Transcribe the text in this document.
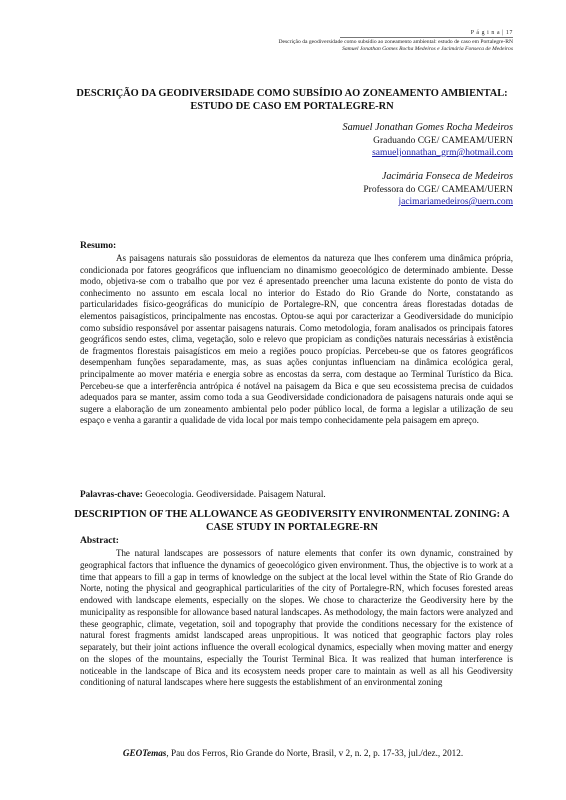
P á g i n a | 17
Descrição da geodiversidade como subsídio ao zoneamento ambiental: estudo de caso em Portalegre-RN
Samuel Jonathan Gomes Rocha Medeiros e Jacimária Fonseca de Medeiros
DESCRIÇÃO DA GEODIVERSIDADE COMO SUBSÍDIO AO ZONEAMENTO AMBIENTAL: ESTUDO DE CASO EM PORTALEGRE-RN
Samuel Jonathan Gomes Rocha Medeiros
Graduando CGE/ CAMEAM/UERN
samueljonnathan_grm@hotmail.com
Jacimária Fonseca de Medeiros
Professora do CGE/ CAMEAM/UERN
jacimariamedeiros@uern.com
Resumo:

As paisagens naturais são possuidoras de elementos da natureza que lhes conferem uma dinâmica própria, condicionada por fatores geográficos que influenciam no dinamismo geoecológico de determinado ambiente. Desse modo, objetiva-se com o trabalho que por vez é apresentado preencher uma lacuna existente do ponto de vista do conhecimento no assunto em escala local no interior do Estado do Rio Grande do Norte, constatando as particularidades físico-geográficas do município de Portalegre-RN, que concentra áreas florestadas dotadas de elementos paisagísticos, principalmente nas encostas. Optou-se aqui por caracterizar a Geodiversidade do município como subsídio responsável por assentar paisagens naturais. Como metodologia, foram analisados os principais fatores geográficos sendo estes, clima, vegetação, solo e relevo que propiciam as condições naturais necessárias à existência de fragmentos florestais paisagísticos em meio a regiões pouco propícias. Percebeu-se que os fatores geográficos desempenham funções separadamente, mas, as suas ações conjuntas influenciam na dinâmica ecológica geral, principalmente ao mover matéria e energia sobre as encostas da serra, com destaque ao Terminal Turístico da Bica. Percebeu-se que a interferência antrópica é notável na paisagem da Bica e que seu ecossistema precisa de cuidados adequados para se manter, assim como toda a sua Geodiversidade condicionadora de paisagens naturais onde aqui se sugere a elaboração de um zoneamento ambiental pelo poder público local, de forma a legislar a utilização de seu espaço e venha a garantir a qualidade de vida local por mais tempo conhecidamente pela paisagem em apreço.

Palavras-chave: Geoecologia. Geodiversidade. Paisagem Natural.
DESCRIPTION OF THE ALLOWANCE AS GEODIVERSITY ENVIRONMENTAL ZONING: A CASE STUDY IN PORTALEGRE-RN
Abstract:

The natural landscapes are possessors of nature elements that confer its own dynamic, constrained by geographical factors that influence the dynamics of geoecológico given environment. Thus, the objective is to work at a time that appears to fill a gap in terms of knowledge on the subject at the local level within the State of Rio Grande do Norte, noting the physical and geographical particularities of the city of Portalegre-RN, which focuses forested areas endowed with landscape elements, especially on the slopes. We chose to characterize the Geodiversity here by the municipality as responsible for allowance based natural landscapes. As methodology, the main factors were analyzed and these geographic, climate, vegetation, soil and topography that provide the conditions necessary for the existence of natural forest fragments amidst landscaped areas unpropitious. It was noticed that geographic factors play roles separately, but their joint actions influence the overall ecological dynamics, especially when moving matter and energy on the slopes of the mountains, especially the Tourist Terminal Bica. It was realized that human interference is noticeable in the landscape of Bica and its ecosystem needs proper care to maintain as well as all his Geodiversity conditioning of natural landscapes where here suggests the establishment of an environmental zoning

GEOTemas, Pau dos Ferros, Rio Grande do Norte, Brasil, v 2, n. 2, p. 17-33, jul./dez., 2012.
